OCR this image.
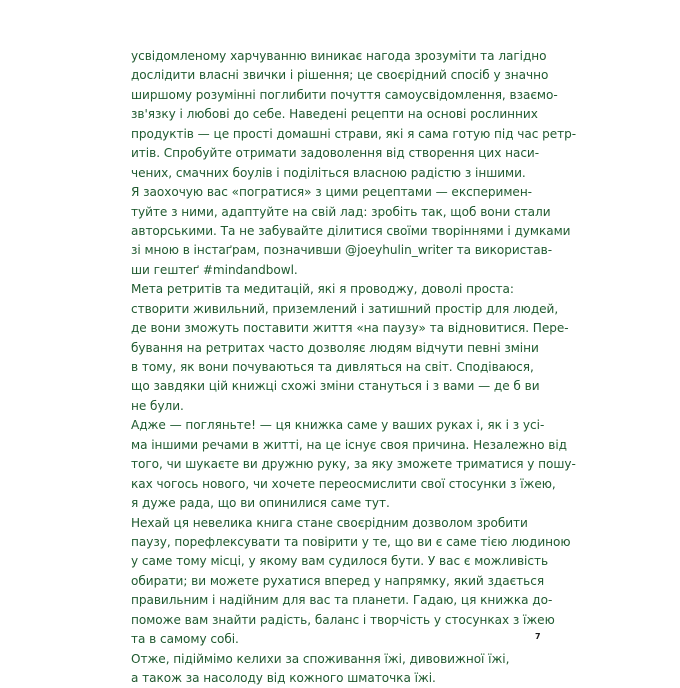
усвідомленому харчуванню виникає нагода зрозуміти та лагідно
дослідити власні звички і рішення; це своєрідний спосіб у значно
ширшому розумінні поглибити почуття самоусвідомлення, взаємо-
зв'язку і любові до себе. Наведені рецепти на основі рослинних
продуктів — це прості домашні страви, які я сама готую під час ретр-
итів. Спробуйте отримати задоволення від створення цих наси-
чених, смачних боулів і поділіться власною радістю з іншими.
Я заохочую вас «погратися» з цими рецептами — експеримен-
туйте з ними, адаптуйте на свій лад: зробіть так, щоб вони стали
авторськими. Та не забувайте ділитися своїми творіннями і думками
зі мною в інстаґрам, позначивши @joeyhulin_writer та використав-
ши гештеґ #mindandbowl.
Мета ретритів та медитацій, які я проводжу, доволі проста:
створити живильний, приземлений і затишний простір для людей,
де вони зможуть поставити життя «на паузу» та відновитися. Пере-
бування на ретритах часто дозволяє людям відчути певні зміни
в тому, як вони почуваються та дивляться на світ. Сподіваюся,
що завдяки цій книжці схожі зміни станутьcя і з вами — де б ви
не були.
Адже — погляньте! — ця книжка саме у ваших руках і, як і з усі-
ма іншими речами в житті, на це існує своя причина. Незалежно від
того, чи шукаєте ви дружню руку, за яку зможете триматися у пошу-
ках чогось нового, чи хочете переосмислити свої стосунки з їжею,
я дуже рада, що ви опинилися саме тут.
Нехай ця невелика книга стане своєрідним дозволом зробити
паузу, порефлексувати та повірити у те, що ви є саме тією людиною
у саме тому місці, у якому вам судилося бути. У вас є можливість
обирати; ви можете рухатися вперед у напрямку, який здається
правильним і надійним для вас та планети. Гадаю, ця книжка до-
поможе вам знайти радість, баланс і творчість у стосунках з їжею
та в самому собі.
Отже, підіймімо келихи за споживання їжі, дивовижної їжі,
а також за насолоду від кожного шматочка їжі.
7
